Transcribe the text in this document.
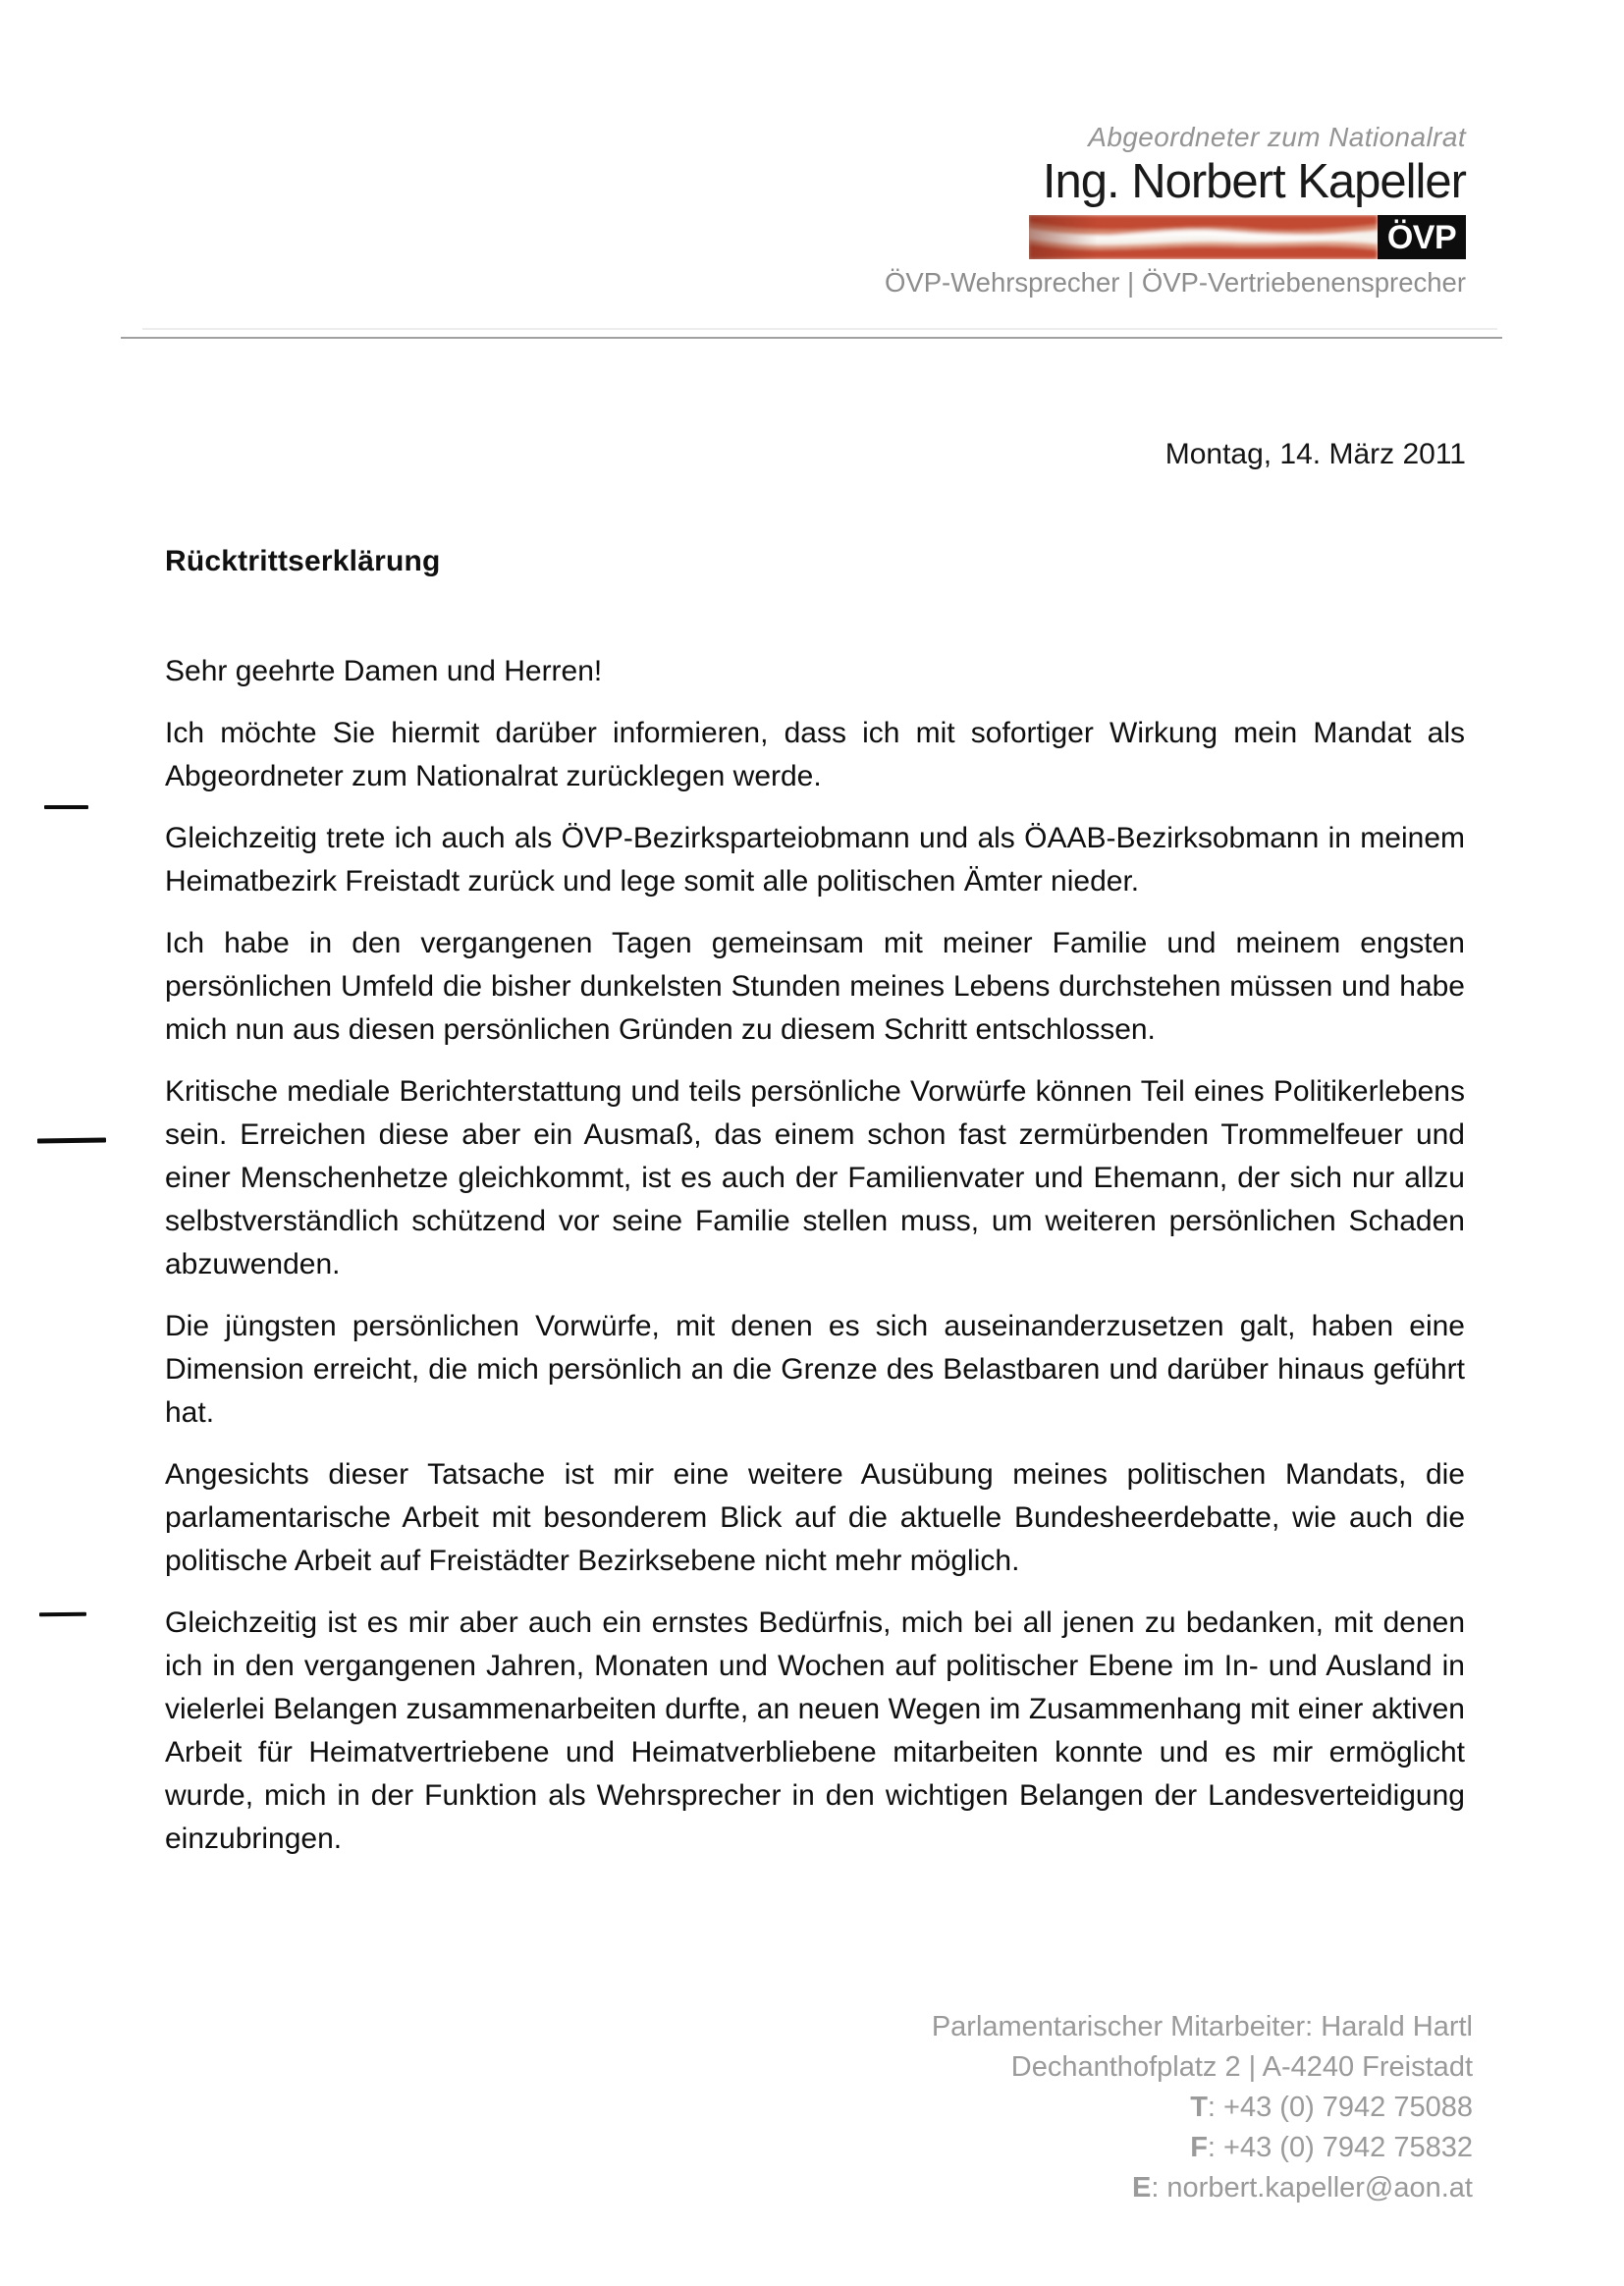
Abgeordneter zum Nationalrat
Ing. Norbert Kapeller
ÖVP
ÖVP-Wehrsprecher | ÖVP-Vertriebenensprecher
Montag, 14. März 2011
Rücktrittserklärung

Sehr geehrte Damen und Herren!

Ich möchte Sie hiermit darüber informieren, dass ich mit sofortiger Wirkung mein Mandat als Abgeordneter zum Nationalrat zurücklegen werde.

Gleichzeitig trete ich auch als ÖVP-Bezirksparteiobmann und als ÖAAB-Bezirksobmann in meinem Heimatbezirk Freistadt zurück und lege somit alle politischen Ämter nieder.

Ich habe in den vergangenen Tagen gemeinsam mit meiner Familie und meinem engsten persönlichen Umfeld die bisher dunkelsten Stunden meines Lebens durchstehen müssen und habe mich nun aus diesen persönlichen Gründen zu diesem Schritt entschlossen.

Kritische mediale Berichterstattung und teils persönliche Vorwürfe können Teil eines Politikerlebens sein. Erreichen diese aber ein Ausmaß, das einem schon fast zermürbenden Trommelfeuer und einer Menschenhetze gleichkommt, ist es auch der Familienvater und Ehemann, der sich nur allzu selbstverständlich schützend vor seine Familie stellen muss, um weiteren persönlichen Schaden abzuwenden.

Die jüngsten persönlichen Vorwürfe, mit denen es sich auseinanderzusetzen galt, haben eine Dimension erreicht, die mich persönlich an die Grenze des Belastbaren und darüber hinaus geführt hat.

Angesichts dieser Tatsache ist mir eine weitere Ausübung meines politischen Mandats, die parlamentarische Arbeit mit besonderem Blick auf die aktuelle Bundesheerdebatte, wie auch die politische Arbeit auf Freistädter Bezirksebene nicht mehr möglich.

Gleichzeitig ist es mir aber auch ein ernstes Bedürfnis, mich bei all jenen zu bedanken, mit denen ich in den vergangenen Jahren, Monaten und Wochen auf politischer Ebene im In- und Ausland in vielerlei Belangen zusammenarbeiten durfte, an neuen Wegen im Zusammenhang mit einer aktiven Arbeit für Heimatvertriebene und Heimatverbliebene mitarbeiten konnte und es mir ermöglicht wurde, mich in der Funktion als Wehrsprecher in den wichtigen Belangen der Landesverteidigung einzubringen.

Parlamentarischer Mitarbeiter: Harald Hartl
Dechanthofplatz 2 | A-4240 Freistadt
T: +43 (0) 7942 75088
F: +43 (0) 7942 75832
E: norbert.kapeller@aon.at
